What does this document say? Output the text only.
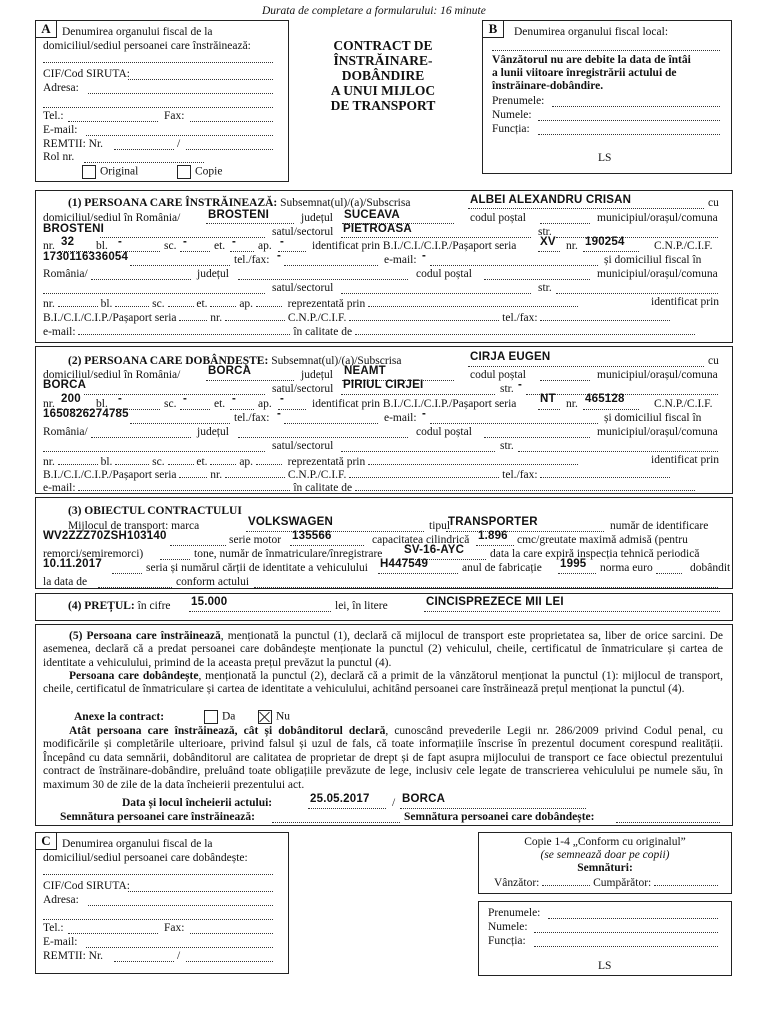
Durata de completare a formularului: 16 minute
A Denumirea organului fiscal de la
domiciliul/sediul persoanei care înstrăinează:
CIF/Cod SIRUTA:
Adresa:
Tel.:	Fax:
E-mail:
REMTII: Nr.	/
Rol nr.
Original	Copie
CONTRACT DE
ÎNSTRĂINARE-
DOBÂNDIRE
A UNUI MIJLOC
DE TRANSPORT
B	Denumirea organului fiscal local:
Vânzătorul nu are debite la data de întâi
a lunii viitoare înregistrării actului de
înstrăinare-dobândire.
Prenumele:
Numele:
Funcția:
LS
(1) PERSOANA CARE ÎNSTRĂINEAZĂ: Subsemnat(ul)/(a)/Subscrisa	ALBEI ALEXANDRU CRISAN	cu
domiciliul/sediul în România/ BROSTENI	județul SUCEAVA	codul poștal	municipiul/orașul/comuna
BROSTENI	satul/sectorul PIETROASA	str.
nr. 32 bl. -	sc. - et. - ap. - identificat prin B.I./C.I./C.I.P./Pașaport seria XV nr. 190254	C.N.P./C.I.F.
1730116336054	tel./fax: -	e-mail: -	și domiciliul fiscal în
România/	județul	codul poștal	municipiul/orașul/comuna
satul/sectorul	str.
nr.	bl.	sc.	et.	ap.	reprezentată prin	identificat prin
B.I./C.I./C.I.P./Pașaport seria	nr.	C.N.P./C.I.F.	tel./fax:
e-mail:	în calitate de
(2) PERSOANA CARE DOBÂNDEȘTE: Subsemnat(ul)/(a)/Subscrisa	CIRJA EUGEN	cu
domiciliul/sediul în România/ BORCA	județul NEAMT	codul poștal	municipiul/orașul/comuna
BORCA	satul/sectorul PIRIUL CIRJEI	str. -
nr. 200 bl. -	sc. - et. - ap. - identificat prin B.I./C.I./C.I.P./Pașaport seria NT nr. 465128	C.N.P./C.I.F.
1650826274785	tel./fax: -	e-mail: -	și domiciliul fiscal în
România/	județul	codul poștal	municipiul/orașul/comuna
satul/sectorul	str.
nr.	bl.	sc.	et.	ap.	reprezentată prin	identificat prin
B.I./C.I./C.I.P./Pașaport seria	nr.	C.N.P./C.I.F.	tel./fax:
e-mail:	în calitate de
(3) OBIECTUL CONTRACTULUI
Mijlocul de transport: marca	VOLKSWAGEN	tipul
TRANSPORTER	număr de identificare
WV2ZZZ70ZSH103140	serie motor 135566	capacitatea cilindrică 1.896 cmc/greutate maximă admisă (pentru
remorci/semiremorci)	tone, număr de înmatriculare/înregistrare SV-16-AYC data la care expiră inspecția tehnică periodică
10.11.2017	seria și numărul cărții de identitate a vehiculului H447549	anul de fabricație 1995 norma euro	dobândit
la data de	conform actului
(4) PREȚUL: în cifre 15.000	lei, în litere	CINCISPREZECE MII LEI
(5) Persoana care înstrăinează, menționată la punctul (1), declară că mijlocul de transport este proprietatea sa, liber de orice sarcini. De asemenea, declară că a predat persoanei care dobândește menționate la punctul (2) vehiculul, cheile, certificatul de înmatriculare și cartea de identitate a vehiculului, primind de la aceasta prețul prevăzut la punctul (4).
Persoana care dobândește, menționată la punctul (2), declară că a primit de la vânzătorul menționat la punctul (1): mijlocul de transport, cheile, certificatul de înmatriculare și cartea de identitate a vehiculului, achitând persoanei care înstrăinează prețul menționat la punctul (4).
Anexe la contract:	Da	Nu
Atât persoana care înstrăinează, cât și dobânditorul declară, cunoscând prevederile Legii nr. 286/2009 privind Codul penal, cu modificările și completările ulterioare, privind falsul și uzul de fals, că toate informațiile înscrise în prezentul document corespund realității. Începând cu data semnării, dobânditorul are calitatea de proprietar de drept și de fapt asupra mijlocului de transport ce face obiectul prezentului contract de înstrăinare-dobândire, preluând toate obligațiile prevăzute de lege, inclusiv cele legate de transcrierea vehiculului pe numele său, în maximum 30 de zile de la data încheierii prezentului act.
Data și locul încheierii actului:	25.05.2017 / BORCA
Semnătura persoanei care înstrăinează:	Semnătura persoanei care dobândește:
C Denumirea organului fiscal de la
domiciliul/sediul persoanei care dobândește:
CIF/Cod SIRUTA:
Adresa:
Tel.:	Fax:
E-mail:
REMTII: Nr.	/
Copie 1-4 „Conform cu originalul”
(se semnează doar pe copii)
Semnături:
Vânzător:	Cumpărător:
Prenumele:
Numele:
Funcția:
LS
